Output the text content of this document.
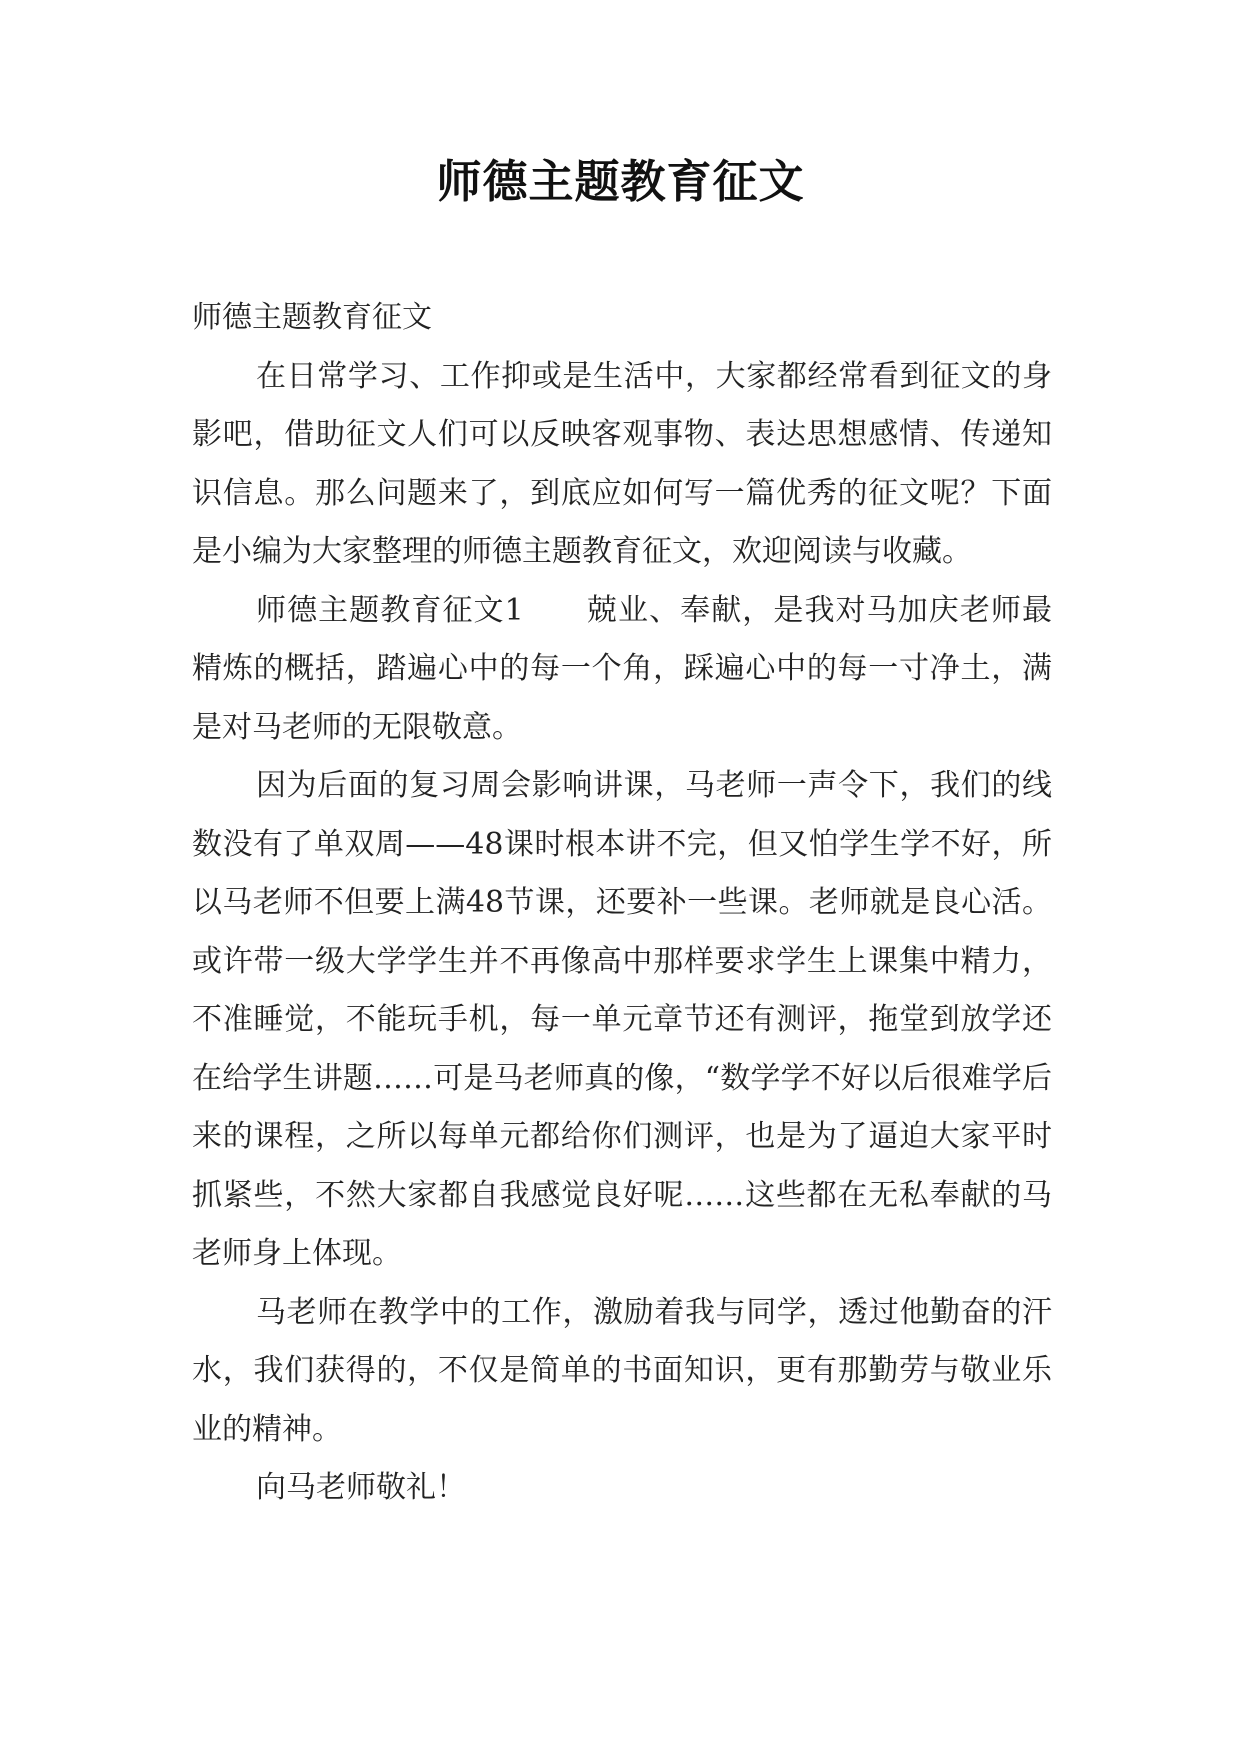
师德主题教育征文

师德主题教育征文

在日常学习、工作抑或是生活中，大家都经常看到征文的身影吧，借助征文人们可以反映客观事物、表达思想感情、传递知识信息。那么问题来了，到底应如何写一篇优秀的征文呢？下面是小编为大家整理的师德主题教育征文，欢迎阅读与收藏。

师德主题教育征文1　　兢业、奉献，是我对马加庆老师最精炼的概括，踏遍心中的每一个角，踩遍心中的每一寸净土，满是对马老师的无限敬意。

因为后面的复习周会影响讲课，马老师一声令下，我们的线数没有了单双周——48课时根本讲不完，但又怕学生学不好，所以马老师不但要上满48节课，还要补一些课。老师就是良心活。或许带一级大学学生并不再像高中那样要求学生上课集中精力，不准睡觉，不能玩手机，每一单元章节还有测评，拖堂到放学还在给学生讲题……可是马老师真的像，“数学学不好以后很难学后来的课程，之所以每单元都给你们测评，也是为了逼迫大家平时抓紧些，不然大家都自我感觉良好呢……这些都在无私奉献的马老师身上体现。

马老师在教学中的工作，激励着我与同学，透过他勤奋的汗水，我们获得的，不仅是简单的书面知识，更有那勤劳与敬业乐业的精神。

向马老师敬礼！
